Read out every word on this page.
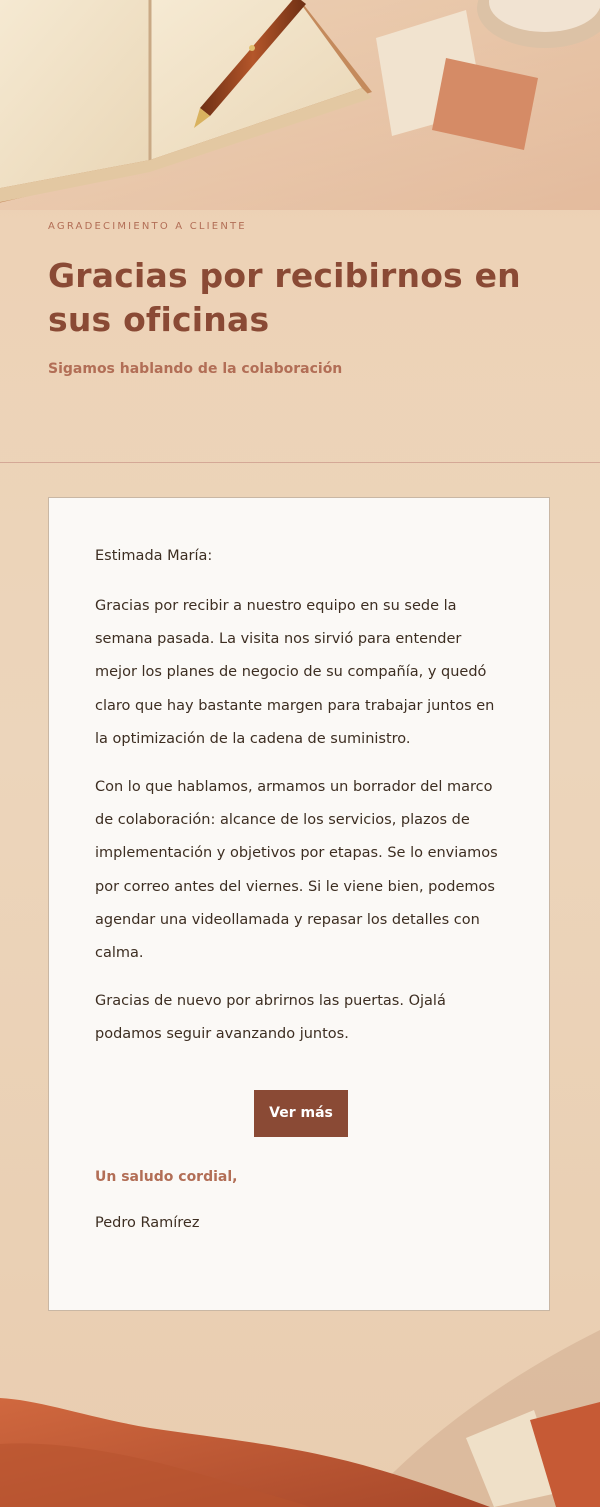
AGRADECIMIENTO A CLIENTE

Gracias por recibirnos en sus oficinas

Sigamos hablando de la colaboración

Estimada María:

Gracias por recibir a nuestro equipo en su sede la semana pasada. La visita nos sirvió para entender mejor los planes de negocio de su compañía, y quedó claro que hay bastante margen para trabajar juntos en la optimización de la cadena de suministro.

Con lo que hablamos, armamos un borrador del marco de colaboración: alcance de los servicios, plazos de implementación y objetivos por etapas. Se lo enviamos por correo antes del viernes. Si le viene bien, podemos agendar una videollamada y repasar los detalles con calma.

Gracias de nuevo por abrirnos las puertas. Ojalá podamos seguir avanzando juntos.

Ver más

Un saludo cordial,

Pedro Ramírez
